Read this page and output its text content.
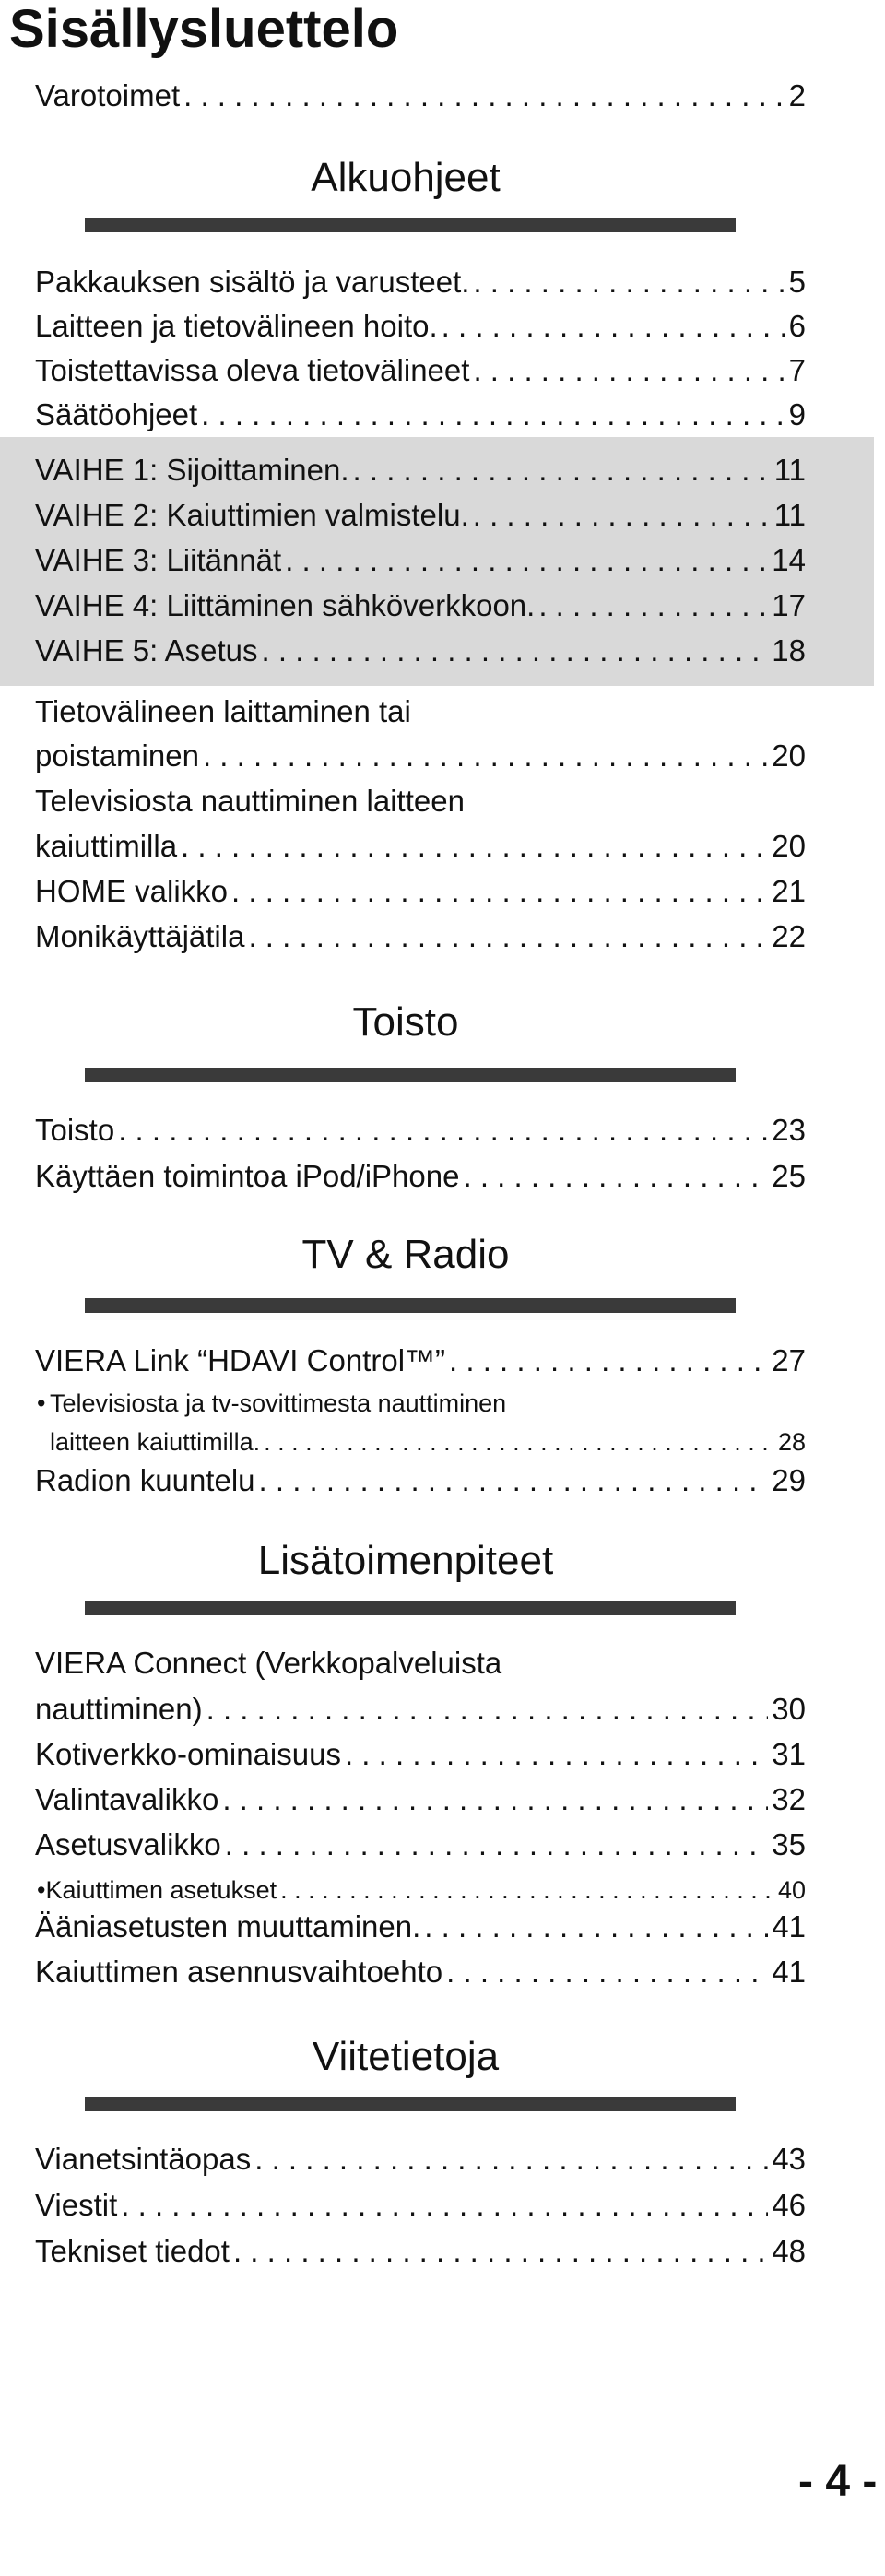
Sisällysluettelo
Varotoimet . . .	2
Alkuohjeet
Pakkauksen sisältö ja varusteet. . . .	5
Laitteen ja tietovälineen hoito. . . .	6
Toistettavissa oleva tietovälineet . . .	7
Säätöohjeet . . .	9
VAIHE 1: Sijoittaminen. . . .	11
VAIHE 2: Kaiuttimien valmistelu. . . .	11
VAIHE 3: Liitännät . . .	14
VAIHE 4: Liittäminen sähköverkkoon. . . .	17
VAIHE 5: Asetus . . .	18
Tietovälineen laittaminen tai
poistaminen . . .	20
Televisiosta nauttiminen laitteen
kaiuttimilla . . .	20
HOME valikko . . .	21
Monikäyttäjätila . . .	22
Toisto
Toisto . . .	23
Käyttäen toimintoa iPod/iPhone . . .	25
TV & Radio
VIERA Link “HDAVI Control™” . . .	27
• Televisiosta ja tv-sovittimesta nauttiminen
laitteen kaiuttimilla. . . .	28
Radion kuuntelu . . .	29
Lisätoimenpiteet
VIERA Connect (Verkkopalveluista
nauttiminen) . . .	30
Kotiverkko-ominaisuus . . .	31
Valintavalikko . . .	32
Asetusvalikko . . .	35
• Kaiuttimen asetukset . . .	40
Ääniasetusten muuttaminen. . . .	41
Kaiuttimen asennusvaihtoehto . . .	41
Viitetietoja
Vianetsintäopas . . .	43
Viestit . . .	46
Tekniset tiedot . . .	48
- 4 -
